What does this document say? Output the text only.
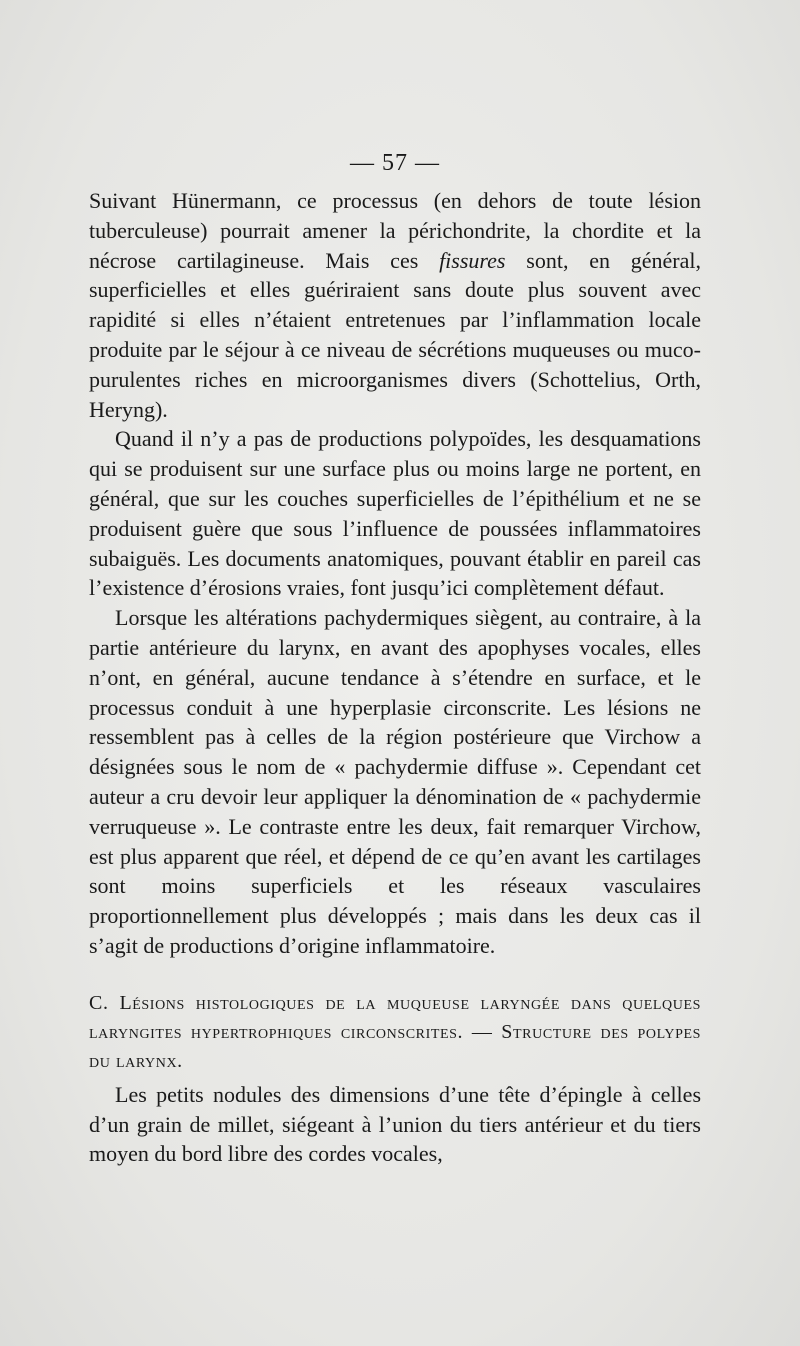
— 57 —

Suivant Hünermann, ce processus (en dehors de toute lésion tuberculeuse) pourrait amener la périchondrite, la chordite et la nécrose cartilagineuse. Mais ces fissures sont, en général, superficielles et elles guériraient sans doute plus souvent avec rapidité si elles n’étaient entretenues par l’inflammation locale produite par le séjour à ce niveau de sécrétions muqueuses ou muco-purulentes riches en microorganismes divers (Schottelius, Orth, Heryng).

Quand il n’y a pas de productions polypoïdes, les desquamations qui se produisent sur une surface plus ou moins large ne portent, en général, que sur les couches superficielles de l’épithélium et ne se produisent guère que sous l’influence de poussées inflammatoires subaiguës. Les documents anatomiques, pouvant établir en pareil cas l’existence d’érosions vraies, font jusqu’ici complètement défaut.

Lorsque les altérations pachydermiques siègent, au contraire, à la partie antérieure du larynx, en avant des apophyses vocales, elles n’ont, en général, aucune tendance à s’étendre en surface, et le processus conduit à une hyperplasie circonscrite. Les lésions ne ressemblent pas à celles de la région postérieure que Virchow a désignées sous le nom de « pachydermie diffuse ». Cependant cet auteur a cru devoir leur appliquer la dénomination de « pachydermie verruqueuse ». Le contraste entre les deux, fait remarquer Virchow, est plus apparent que réel, et dépend de ce qu’en avant les cartilages sont moins superficiels et les réseaux vasculaires proportionnellement plus développés ; mais dans les deux cas il s’agit de productions d’origine inflammatoire.

C. Lésions histologiques de la muqueuse laryngée dans quelques laryngites hypertrophiques circonscrites. — Structure des polypes du larynx.

Les petits nodules des dimensions d’une tête d’épingle à celles d’un grain de millet, siégeant à l’union du tiers antérieur et du tiers moyen du bord libre des cordes vocales,
